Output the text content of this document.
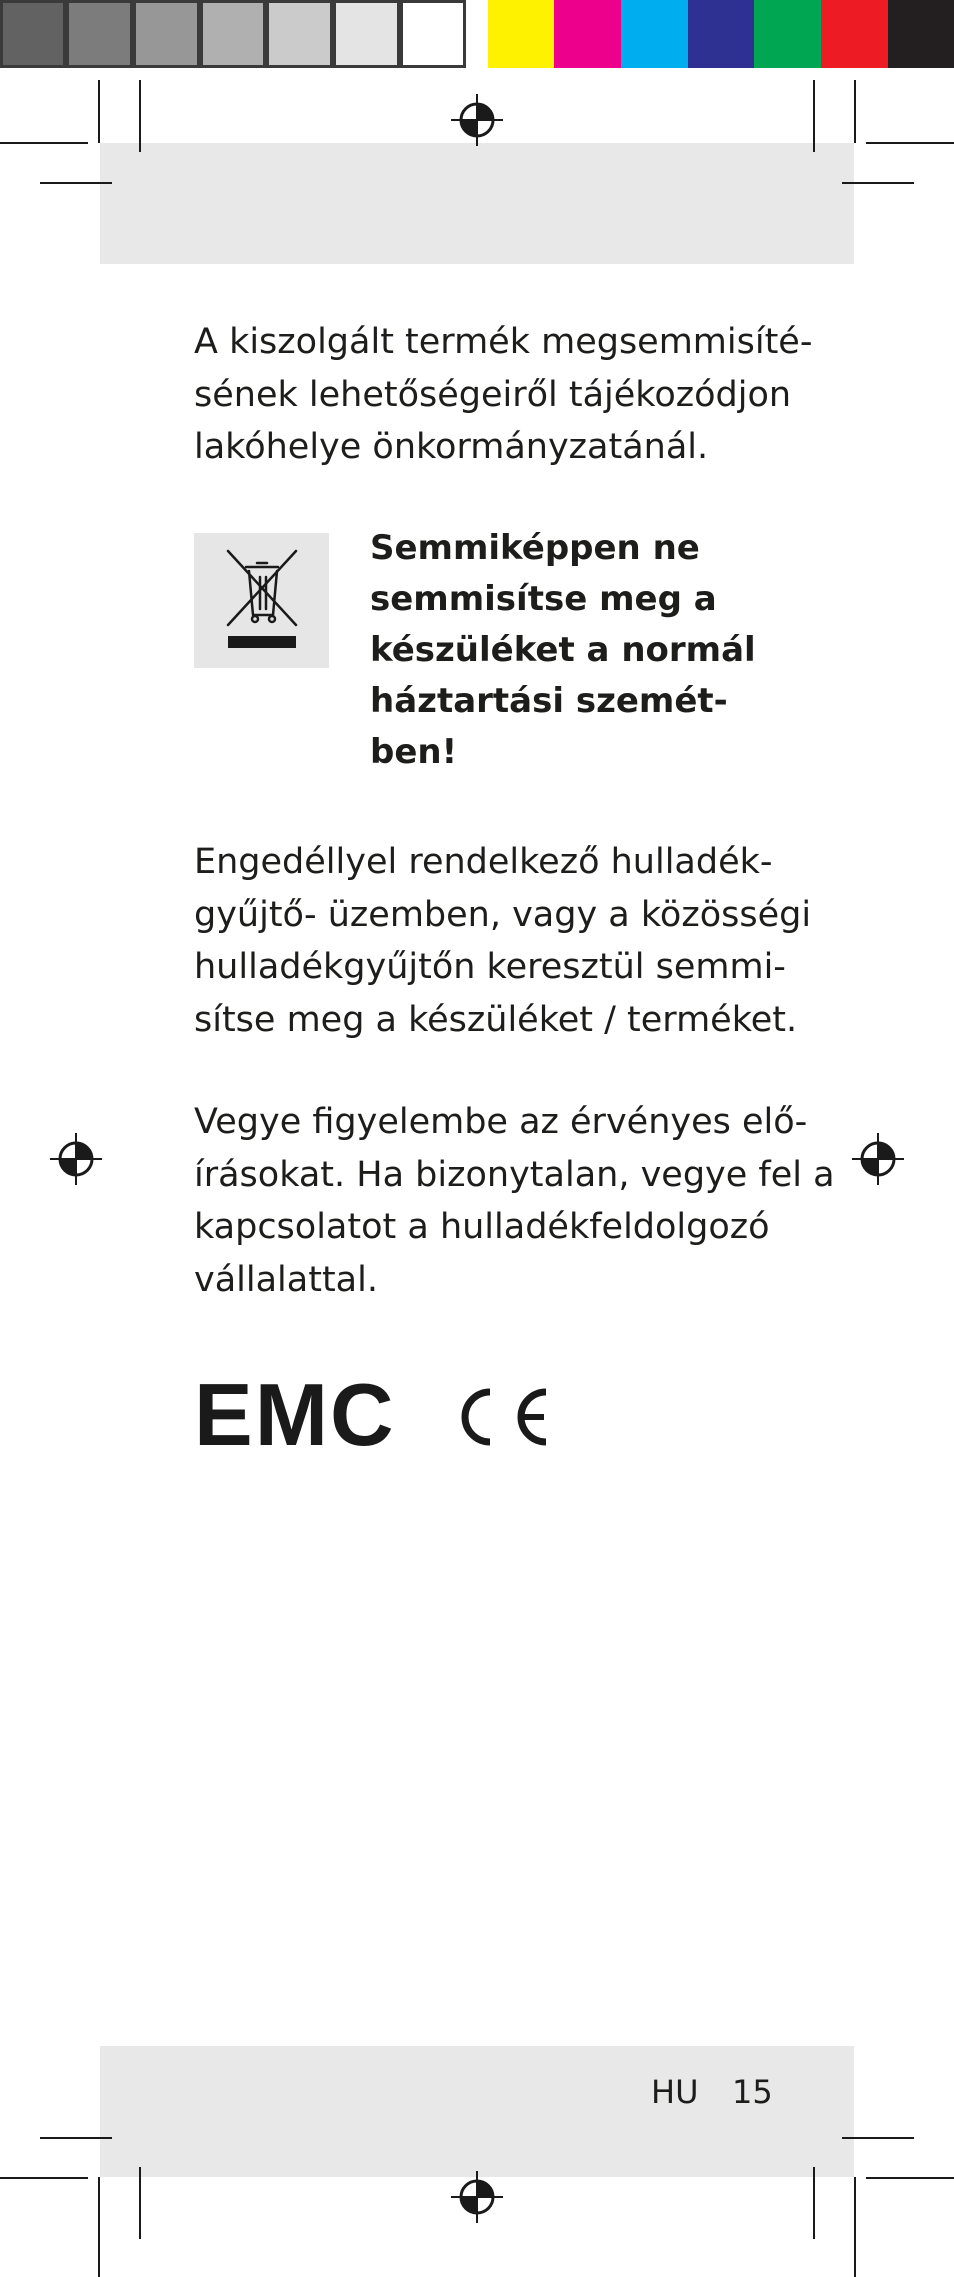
A kiszolgált termék megsemmisíté-
sének lehetőségeiről tájékozódjon
lakóhelye önkormányzatánál.

Semmiképpen ne
semmisítse meg a
készüléket a normál
háztartási szemét-
ben!

Engedéllyel rendelkező hulladék-
gyűjtő- üzemben, vagy a közösségi
hulladékgyűjtőn keresztül semmi-
sítse meg a készüléket / terméket.

Vegye figyelembe az érvényes elő-
írásokat. Ha bizonytalan, vegye fel a
kapcsolatot a hulladékfeldolgozó
vállalattal.

EMC
HU 15
